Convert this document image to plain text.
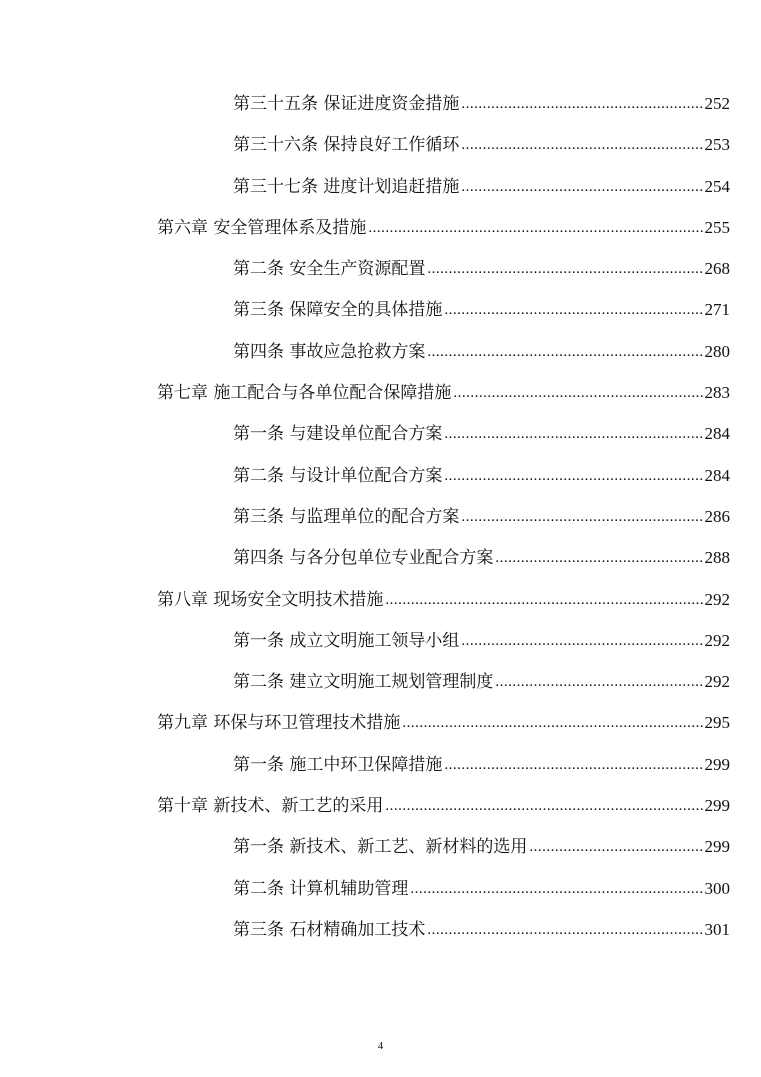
第三十五条 保证进度资金措施 .....	252
第三十六条 保持良好工作循环 .....	253
第三十七条 进度计划追赶措施 .....	254
第六章 安全管理体系及措施 .....	255
第二条 安全生产资源配置 .....	268
第三条 保障安全的具体措施 .....	271
第四条 事故应急抢救方案 .....	280
第七章 施工配合与各单位配合保障措施 .....	283
第一条 与建设单位配合方案 .....	284
第二条 与设计单位配合方案 .....	284
第三条 与监理单位的配合方案 .....	286
第四条 与各分包单位专业配合方案 .....	288
第八章 现场安全文明技术措施 .....	292
第一条 成立文明施工领导小组 .....	292
第二条 建立文明施工规划管理制度 .....	292
第九章 环保与环卫管理技术措施 .....	295
第一条 施工中环卫保障措施 .....	299
第十章 新技术、新工艺的采用 .....	299
第一条 新技术、新工艺、新材料的选用 .....	299
第二条 计算机辅助管理 .....	300
第三条 石材精确加工技术 .....	301
4
